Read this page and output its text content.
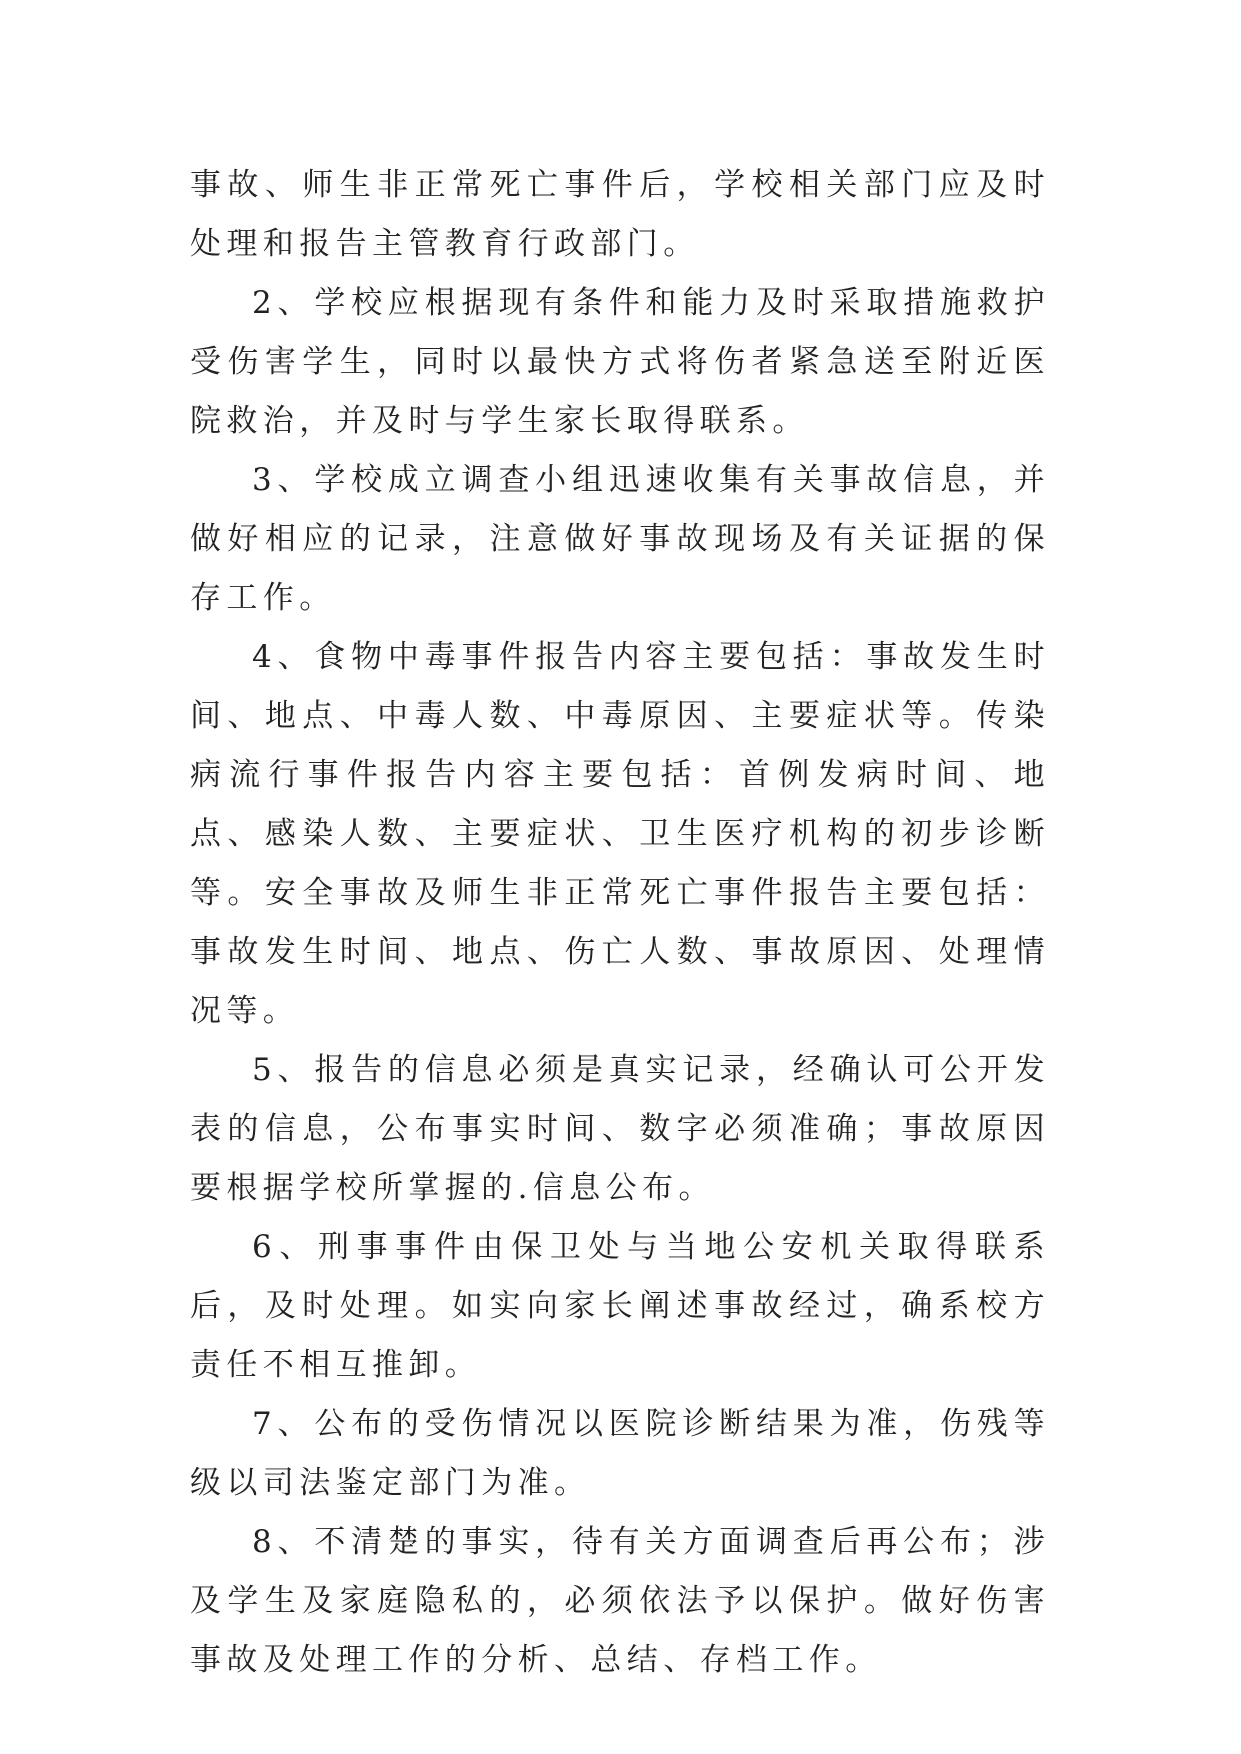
事故、师生非正常死亡事件后，学校相关部门应及时处理和报告主管教育行政部门。

2、学校应根据现有条件和能力及时采取措施救护受伤害学生，同时以最快方式将伤者紧急送至附近医院救治，并及时与学生家长取得联系。

3、学校成立调查小组迅速收集有关事故信息，并做好相应的记录，注意做好事故现场及有关证据的保存工作。

4、食物中毒事件报告内容主要包括：事故发生时间、地点、中毒人数、中毒原因、主要症状等。传染病流行事件报告内容主要包括：首例发病时间、地点、感染人数、主要症状、卫生医疗机构的初步诊断等。安全事故及师生非正常死亡事件报告主要包括：事故发生时间、地点、伤亡人数、事故原因、处理情况等。

5、报告的信息必须是真实记录，经确认可公开发表的信息，公布事实时间、数字必须准确；事故原因要根据学校所掌握的.信息公布。

6、刑事事件由保卫处与当地公安机关取得联系后，及时处理。如实向家长阐述事故经过，确系校方责任不相互推卸。

7、公布的受伤情况以医院诊断结果为准，伤残等级以司法鉴定部门为准。

8、不清楚的事实，待有关方面调查后再公布；涉及学生及家庭隐私的，必须依法予以保护。做好伤害事故及处理工作的分析、总结、存档工作。
